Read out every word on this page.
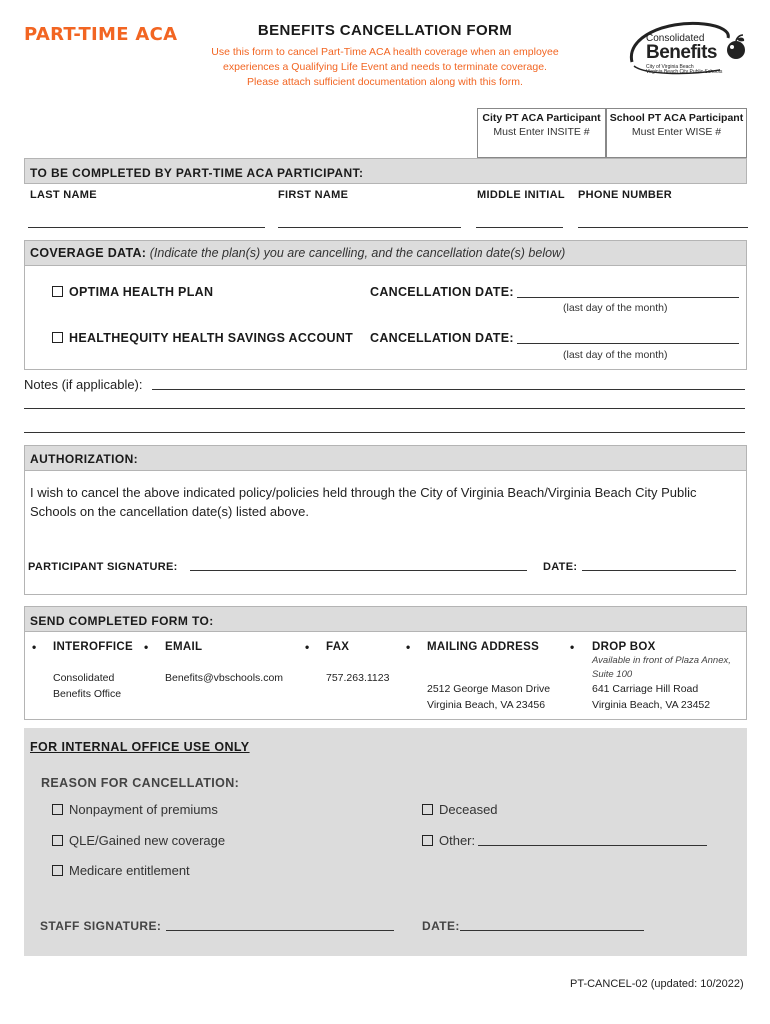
PART-TIME ACA	BENEFITS CANCELLATION FORM
Use this form to cancel Part-Time ACA health coverage when an employee
experiences a Qualifying Life Event and needs to terminate coverage.
Please attach sufficient documentation along with this form.
Consolidated
Benefits
City of Virginia Beach
Virginia Beach City Public Schools
City PT ACA Participant
Must Enter INSITE #
School PT ACA Participant
Must Enter WISE #
TO BE COMPLETED BY PART-TIME ACA PARTICIPANT:
LAST NAME	FIRST NAME	MIDDLE INITIAL PHONE NUMBER
COVERAGE DATA: (Indicate the plan(s) you are cancelling, and the cancellation date(s) below)
OPTIMA HEALTH PLAN	CANCELLATION DATE:
(last day of the month)
HEALTHEQUITY HEALTH SAVINGS ACCOUNT CANCELLATION DATE:
(last day of the month)
Notes (if applicable):
AUTHORIZATION:
I wish to cancel the above indicated policy/policies held through the City of Virginia Beach/Virginia Beach City Public
Schools on the cancellation date(s) listed above.
PARTICIPANT SIGNATURE:	DATE:
SEND COMPLETED FORM TO:
• INTEROFFICE
Consolidated
Benefits Office
• EMAIL
Benefits@vbschools.com
• FAX
757.263.1123
• MAILING ADDRESS
2512 George Mason Drive
Virginia Beach, VA 23456
• DROP BOX
Available in front of Plaza Annex,
Suite 100
641 Carriage Hill Road
Virginia Beach, VA 23452
FOR INTERNAL OFFICE USE ONLY
REASON FOR CANCELLATION:
Nonpayment of premiums
QLE/Gained new coverage
Medicare entitlement
Deceased
Other:
STAFF SIGNATURE:	DATE:
PT-CANCEL-02 (updated: 10/2022)
